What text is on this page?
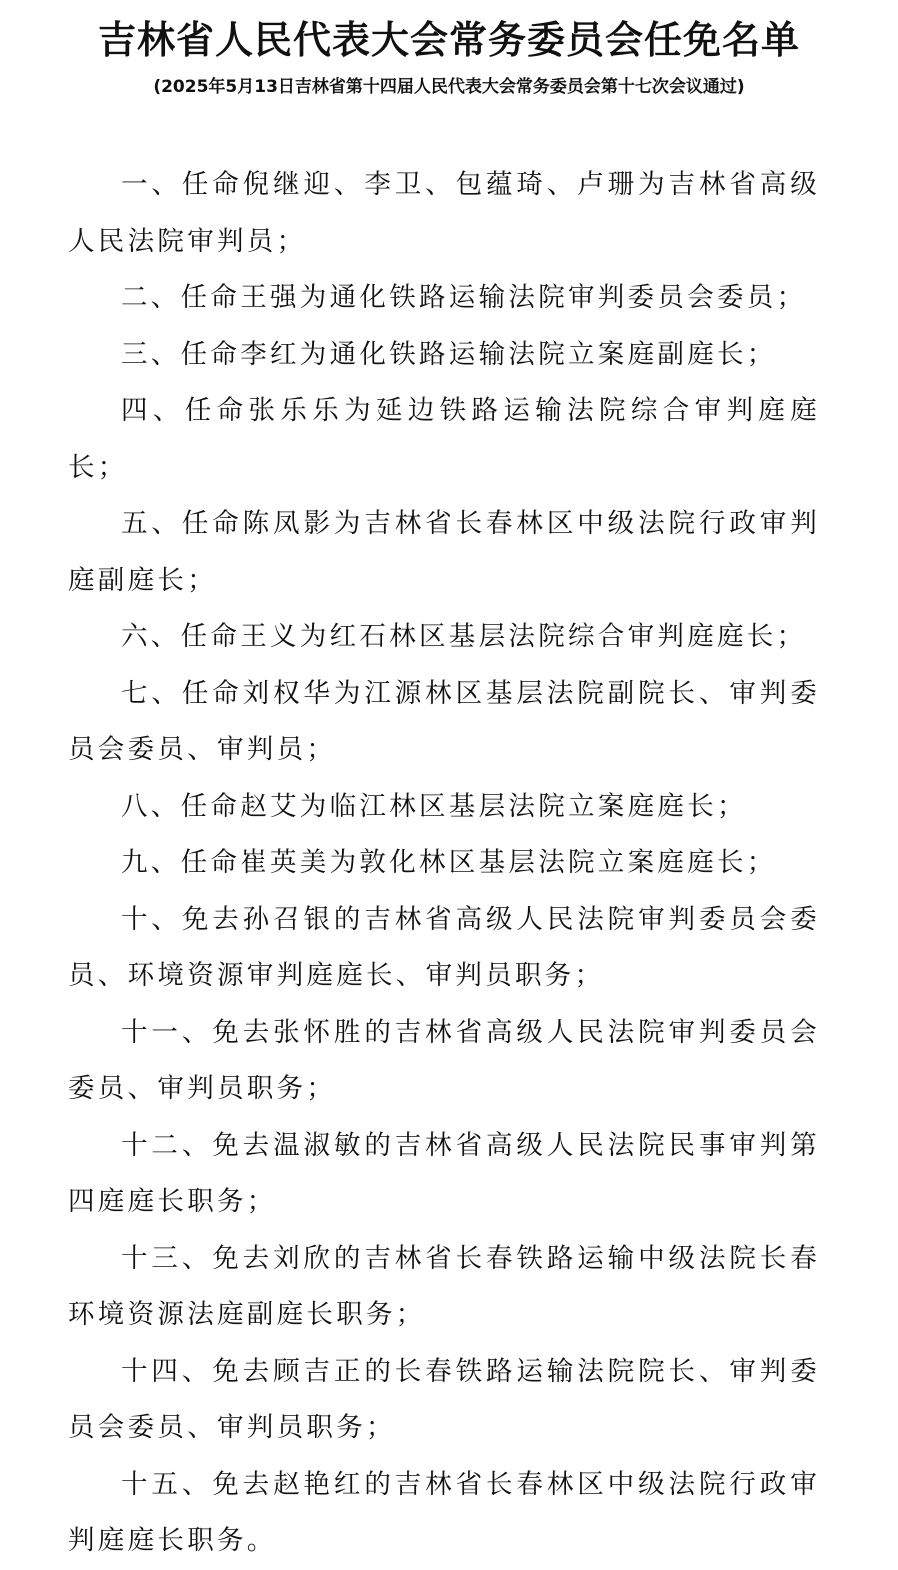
吉林省人民代表大会常务委员会任免名单
(2025年5月13日吉林省第十四届人民代表大会常务委员会第十七次会议通过)

一、任命倪继迎、李卫、包蕴琦、卢珊为吉林省高级人民法院审判员；

二、任命王强为通化铁路运输法院审判委员会委员；

三、任命李红为通化铁路运输法院立案庭副庭长；

四、任命张乐乐为延边铁路运输法院综合审判庭庭长；

五、任命陈凤影为吉林省长春林区中级法院行政审判庭副庭长；

六、任命王义为红石林区基层法院综合审判庭庭长；

七、任命刘权华为江源林区基层法院副院长、审判委员会委员、审判员；

八、任命赵艾为临江林区基层法院立案庭庭长；

九、任命崔英美为敦化林区基层法院立案庭庭长；

十、免去孙召银的吉林省高级人民法院审判委员会委员、环境资源审判庭庭长、审判员职务；

十一、免去张怀胜的吉林省高级人民法院审判委员会委员、审判员职务；

十二、免去温淑敏的吉林省高级人民法院民事审判第四庭庭长职务；

十三、免去刘欣的吉林省长春铁路运输中级法院长春环境资源法庭副庭长职务；

十四、免去顾吉正的长春铁路运输法院院长、审判委员会委员、审判员职务；

十五、免去赵艳红的吉林省长春林区中级法院行政审判庭庭长职务。
